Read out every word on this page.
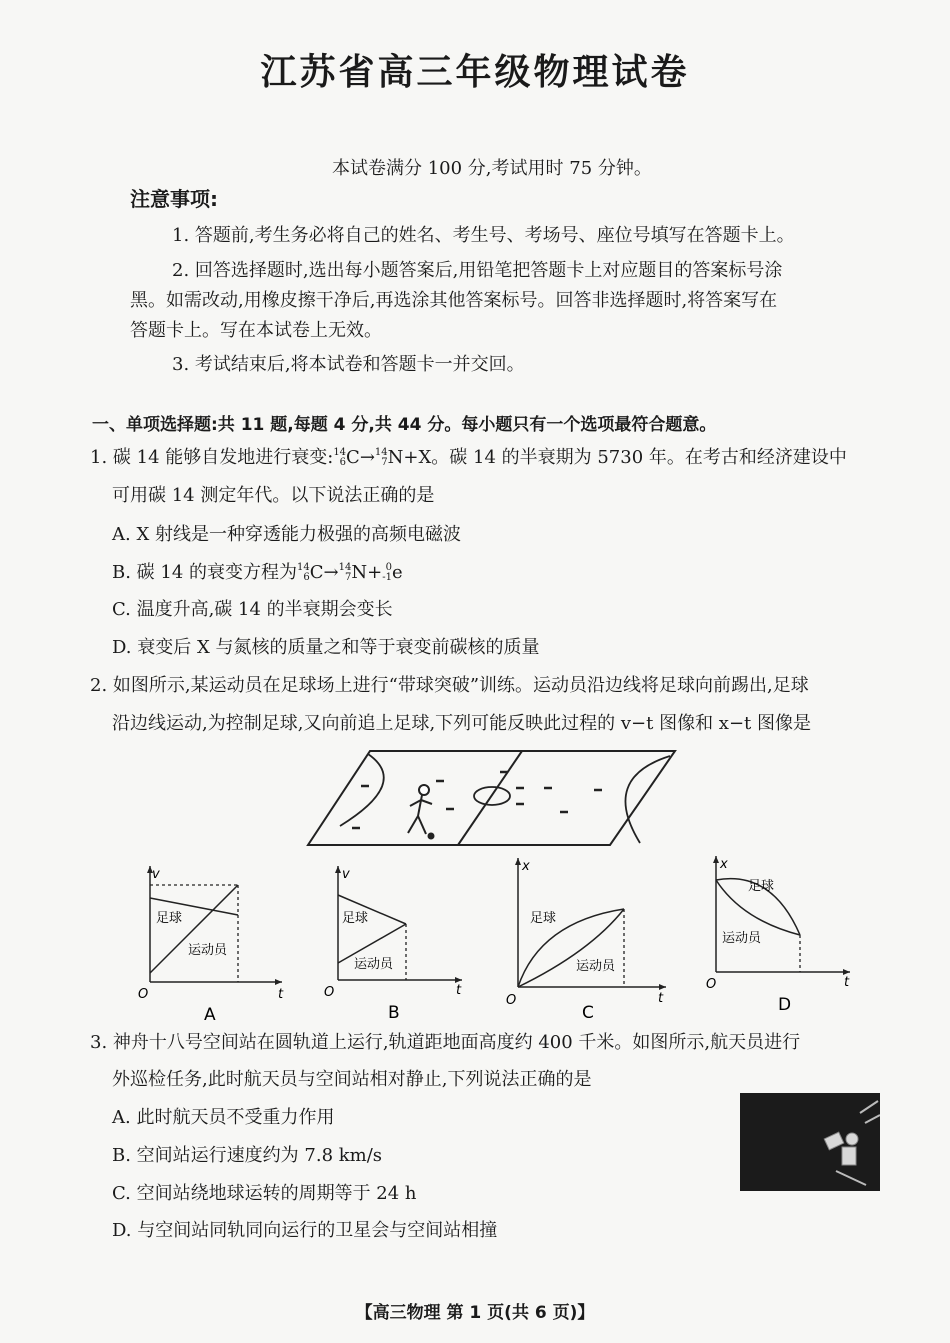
江苏省高三年级物理试卷
本试卷满分 100 分,考试用时 75 分钟。
注意事项:
1. 答题前,考生务必将自己的姓名、考生号、考场号、座位号填写在答题卡上。
2. 回答选择题时,选出每小题答案后,用铅笔把答题卡上对应题目的答案标号涂
黑。如需改动,用橡皮擦干净后,再选涂其他答案标号。回答非选择题时,将答案写在
答题卡上。写在本试卷上无效。
3. 考试结束后,将本试卷和答题卡一并交回。
一、单项选择题:共 11 题,每题 4 分,共 44 分。每小题只有一个选项最符合题意。
1. 碳 14 能够自发地进行衰变:14
6C→14
7N+X。碳 14 的半衰期为 5730 年。在考古和经济建设中
可用碳 14 测定年代。以下说法正确的是
A. X 射线是一种穿透能力极强的高频电磁波
B. 碳 14 的衰变方程为14
6C→14
7N+ 0
-1e
C. 温度升高,碳 14 的半衰期会变长
D. 衰变后 X 与氮核的质量之和等于衰变前碳核的质量
2. 如图所示,某运动员在足球场上进行“带球突破”训练。运动员沿边线将足球向前踢出,足球
沿边线运动,为控制足球,又向前追上足球,下列可能反映此过程的 v−t 图像和 x−t 图像是
v
O	t
足球
运动员
A
v
O	t
足球
运动员
B
x
O	t
足球
运动员
C
x
O	t
足球
运动员
D
3. 神舟十八号空间站在圆轨道上运行,轨道距地面高度约 400 千米。如图所示,航天员进行
外巡检任务,此时航天员与空间站相对静止,下列说法正确的是
A. 此时航天员不受重力作用
B. 空间站运行速度约为 7.8 km/s
C. 空间站绕地球运转的周期等于 24 h
D. 与空间站同轨同向运行的卫星会与空间站相撞
【高三物理 第 1 页(共 6 页)】
